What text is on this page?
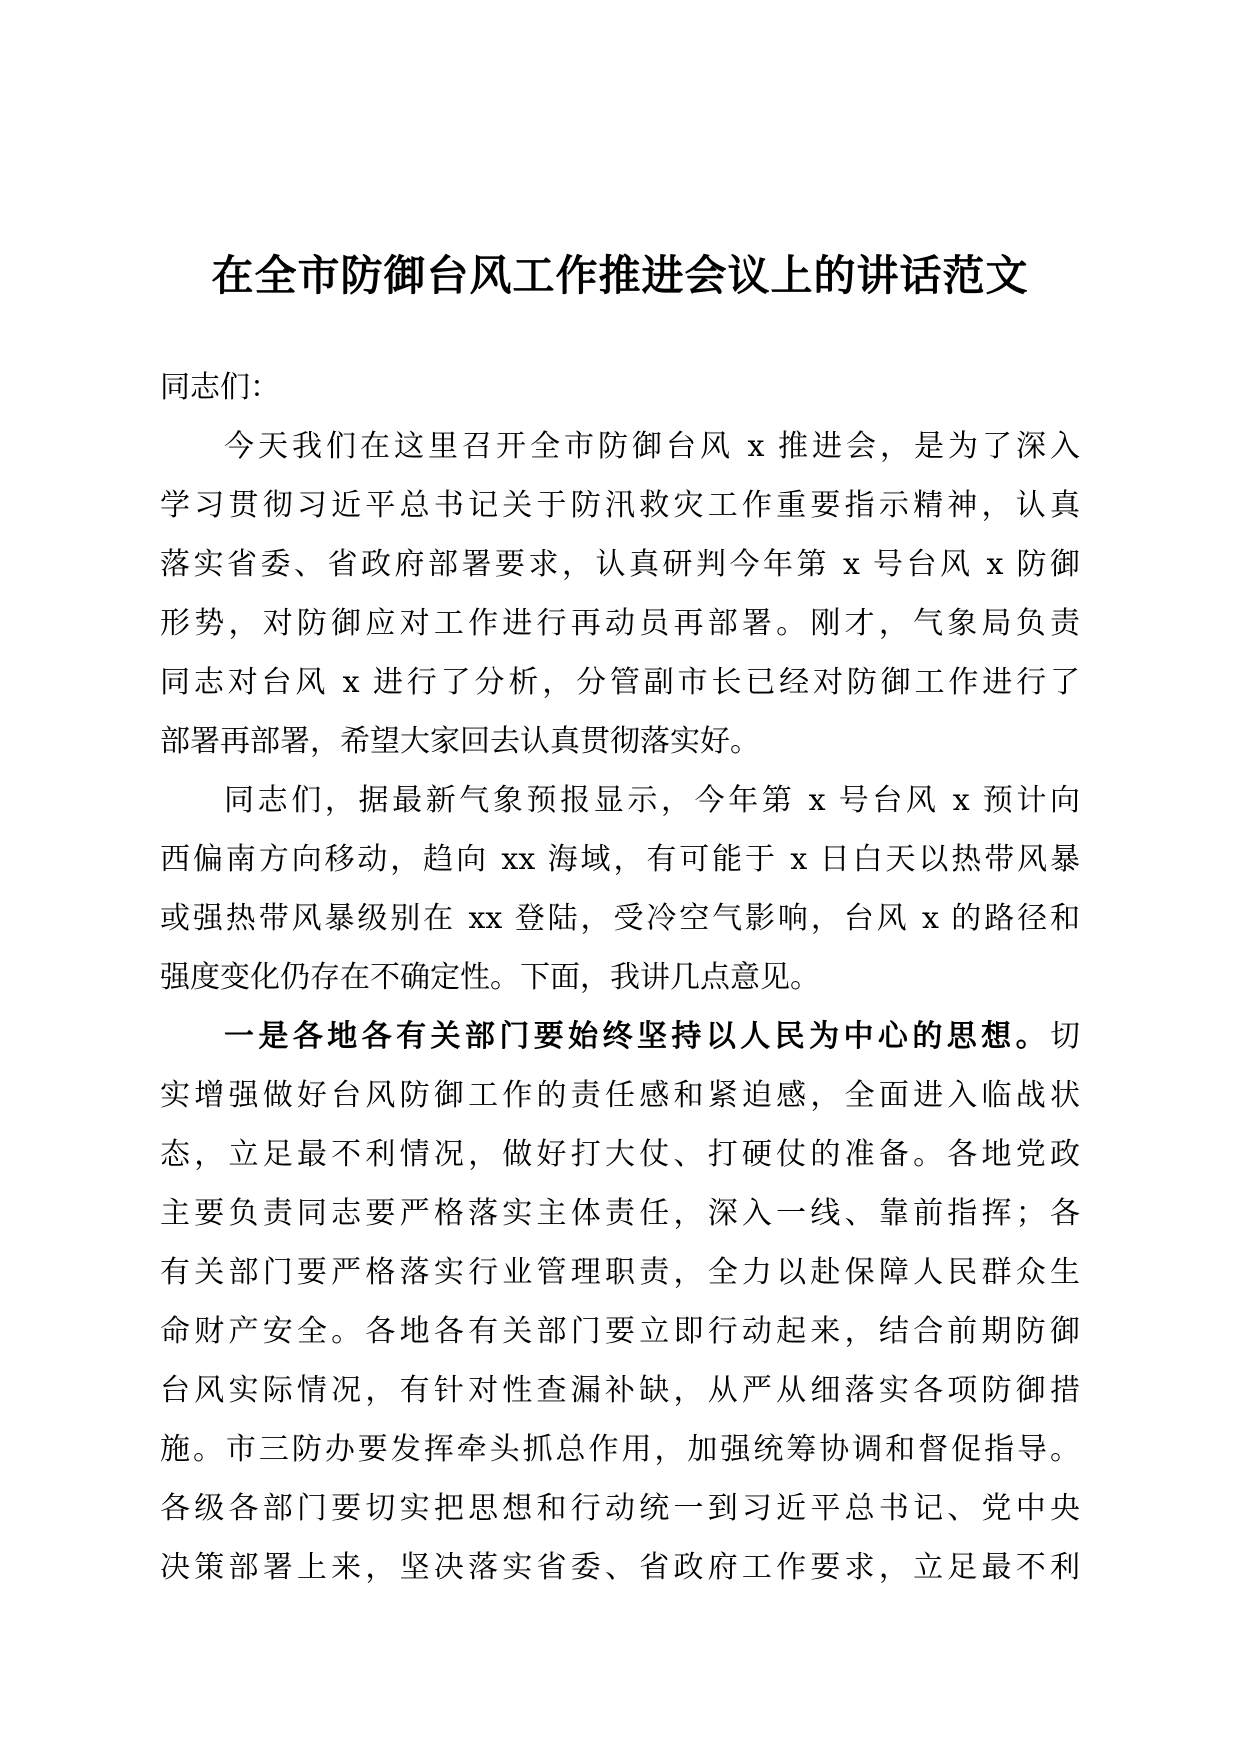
在全市防御台风工作推进会议上的讲话范文

同志们：

今天我们在这里召开全市防御台风 x 推进会，是为了深入
学习贯彻习近平总书记关于防汛救灾工作重要指示精神，认真
落实省委、省政府部署要求，认真研判今年第 x 号台风 x 防御
形势，对防御应对工作进行再动员再部署。刚才，气象局负责
同志对台风 x 进行了分析，分管副市长已经对防御工作进行了
部署再部署，希望大家回去认真贯彻落实好。

同志们，据最新气象预报显示，今年第 x 号台风 x 预计向
西偏南方向移动，趋向 xx 海域，有可能于 x 日白天以热带风暴
或强热带风暴级别在 xx 登陆，受冷空气影响，台风 x 的路径和
强度变化仍存在不确定性。下面，我讲几点意见。

一是各地各有关部门要始终坚持以人民为中心的思想。切
实增强做好台风防御工作的责任感和紧迫感，全面进入临战状
态，立足最不利情况，做好打大仗、打硬仗的准备。各地党政
主要负责同志要严格落实主体责任，深入一线、靠前指挥；各
有关部门要严格落实行业管理职责，全力以赴保障人民群众生
命财产安全。各地各有关部门要立即行动起来，结合前期防御
台风实际情况，有针对性查漏补缺，从严从细落实各项防御措
施。市三防办要发挥牵头抓总作用，加强统筹协调和督促指导。
各级各部门要切实把思想和行动统一到习近平总书记、党中央
决策部署上来，坚决落实省委、省政府工作要求，立足最不利
